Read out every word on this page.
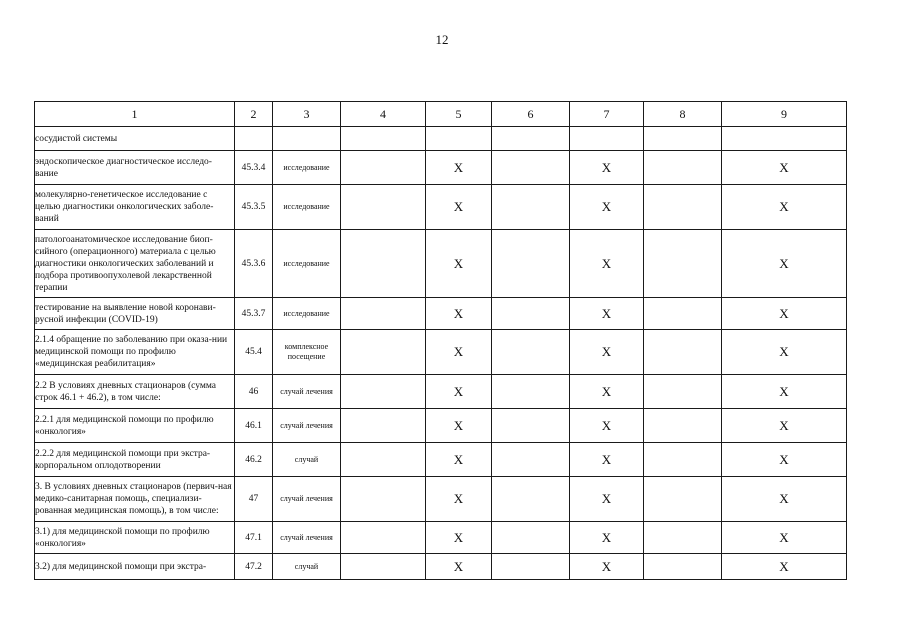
12
1	2	3	4	5	6	7	8	9
сосудистой системы								
эндоскопическое диагностическое исследо-вание	45.3.4	исследование		X		X		X
молекулярно-генетическое исследование с целью диагностики онкологических заболе-ваний	45.3.5	исследование		X		X		X
патологоанатомическое исследование биоп-сийного (операционного) материала с целью диагностики онкологических заболеваний и подбора противоопухолевой лекарственной терапии	45.3.6	исследование		X		X		X
тестирование на выявление новой коронави-русной инфекции (COVID-19)	45.3.7	исследование		X		X		X
2.1.4 обращение по заболеванию при оказа-нии медицинской помощи по профилю «медицинская реабилитация»	45.4	комплексное посещение		X		X		X
2.2 В условиях дневных стационаров (сумма строк 46.1 + 46.2), в том числе:	46	случай лечения		X		X		X
2.2.1 для медицинской помощи по профилю «онкология»	46.1	случай лечения		X		X		X
2.2.2 для медицинской помощи при экстра-корпоральном оплодотворении	46.2	случай		X		X		X
3. В условиях дневных стационаров (первич-ная медико-санитарная помощь, специализи-рованная медицинская помощь), в том числе:	47	случай лечения		X		X		X
3.1) для медицинской помощи по профилю «онкология»	47.1	случай лечения		X		X		X
3.2) для медицинской помощи при экстра-	47.2	случай		X		X		X
